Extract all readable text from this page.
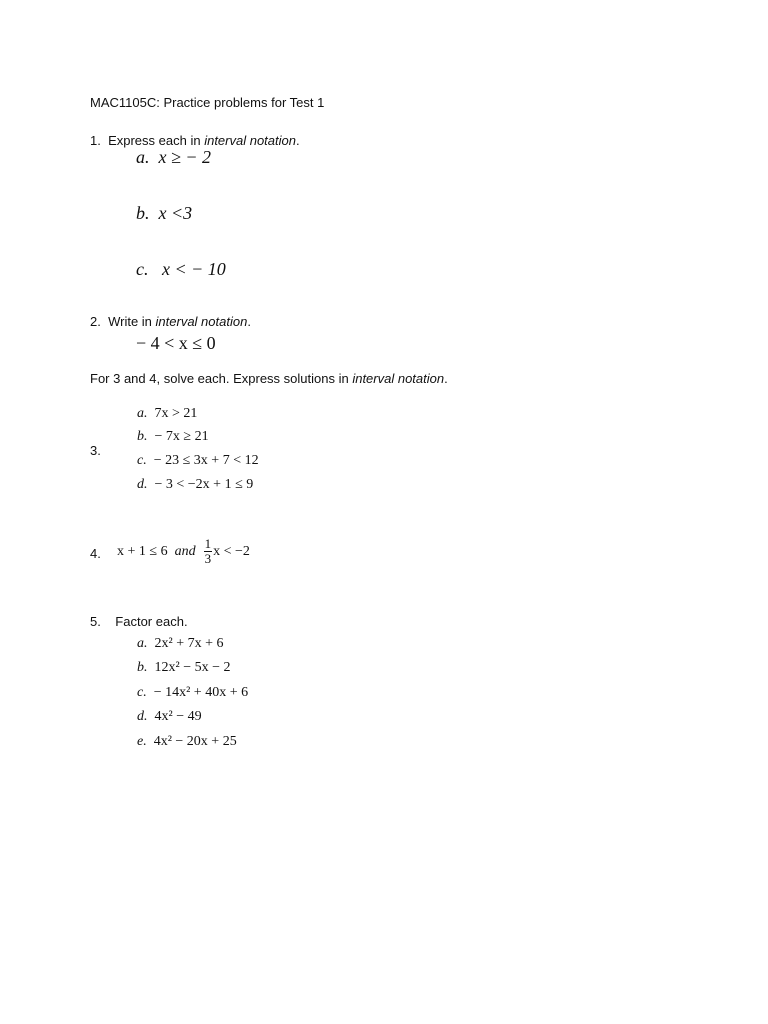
MAC1105C: Practice problems for Test 1
1. Express each in interval notation.
a. x ≥ − 2
b. x <3
c. x < − 10
2. Write in interval notation.
− 4 < x ≤ 0
For 3 and 4, solve each. Express solutions in interval notation.
3.
a. 7x > 21
b. − 7x ≥ 21
c. − 23 ≤ 3x + 7 < 12
d. − 3 < −2x + 1 ≤ 9
4. x + 1 ≤ 6 and $\frac{1}{3}$ x < −2
5. Factor each.
a. 2x² + 7x + 6
b. 12x² − 5x − 2
c. − 14x² + 40x + 6
d. 4x² − 49
e. 4x² − 20x + 25
